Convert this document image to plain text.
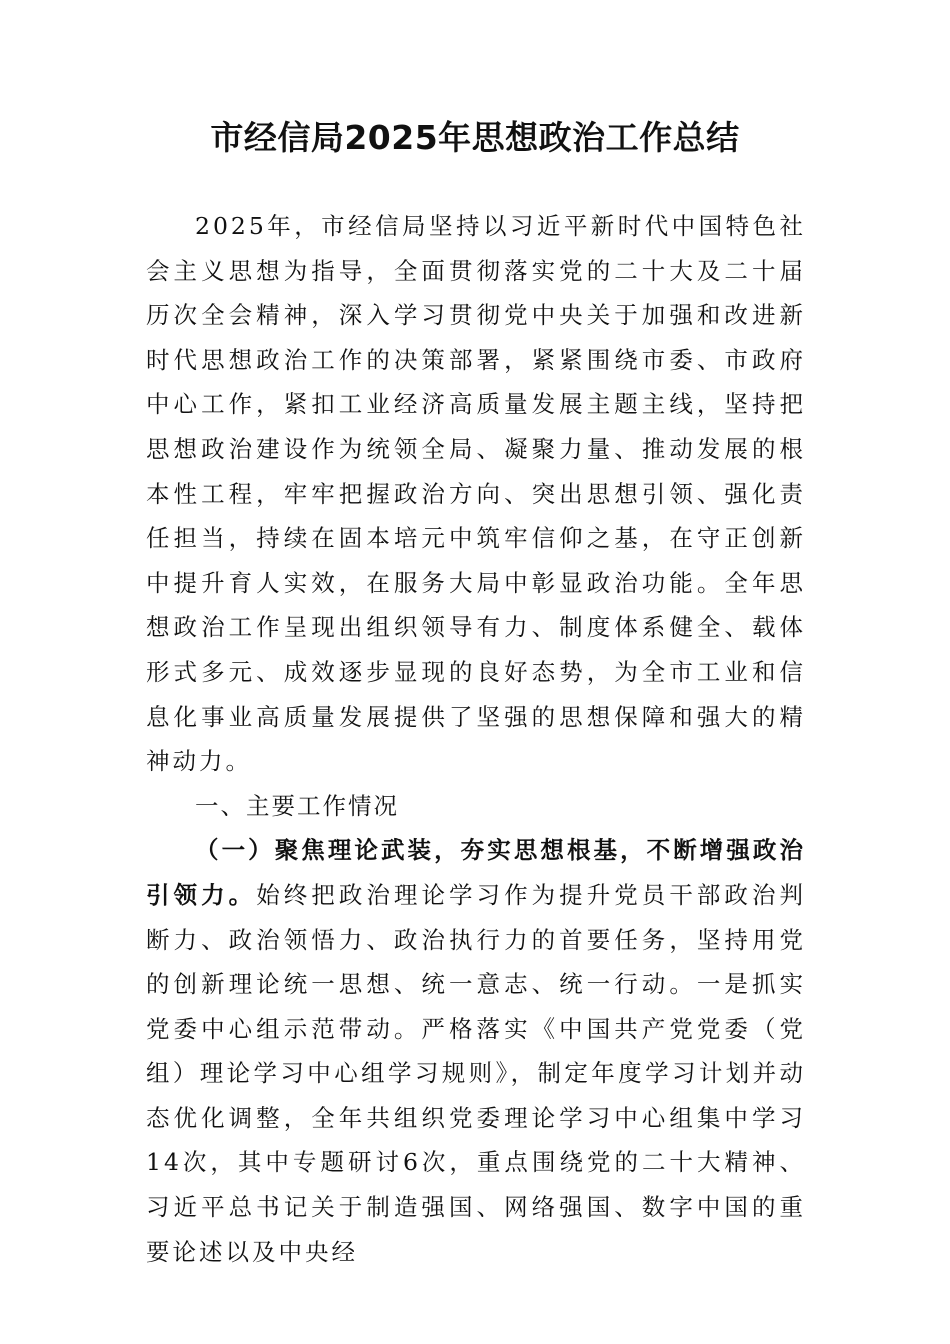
市经信局2025年思想政治工作总结

2025年，市经信局坚持以习近平新时代中国特色社会主义思想为指导，全面贯彻落实党的二十大及二十届历次全会精神，深入学习贯彻党中央关于加强和改进新时代思想政治工作的决策部署，紧紧围绕市委、市政府中心工作，紧扣工业经济高质量发展主题主线，坚持把思想政治建设作为统领全局、凝聚力量、推动发展的根本性工程，牢牢把握政治方向、突出思想引领、强化责任担当，持续在固本培元中筑牢信仰之基，在守正创新中提升育人实效，在服务大局中彰显政治功能。全年思想政治工作呈现出组织领导有力、制度体系健全、载体形式多元、成效逐步显现的良好态势，为全市工业和信息化事业高质量发展提供了坚强的思想保障和强大的精神动力。

一、主要工作情况

（一）聚焦理论武装，夯实思想根基，不断增强政治引领力。始终把政治理论学习作为提升党员干部政治判断力、政治领悟力、政治执行力的首要任务，坚持用党的创新理论统一思想、统一意志、统一行动。一是抓实党委中心组示范带动。严格落实《中国共产党党委（党组）理论学习中心组学习规则》，制定年度学习计划并动态优化调整，全年共组织党委理论学习中心组集中学习14次，其中专题研讨6次，重点围绕党的二十大精神、习近平总书记关于制造强国、网络强国、数字中国的重要论述以及中央经
